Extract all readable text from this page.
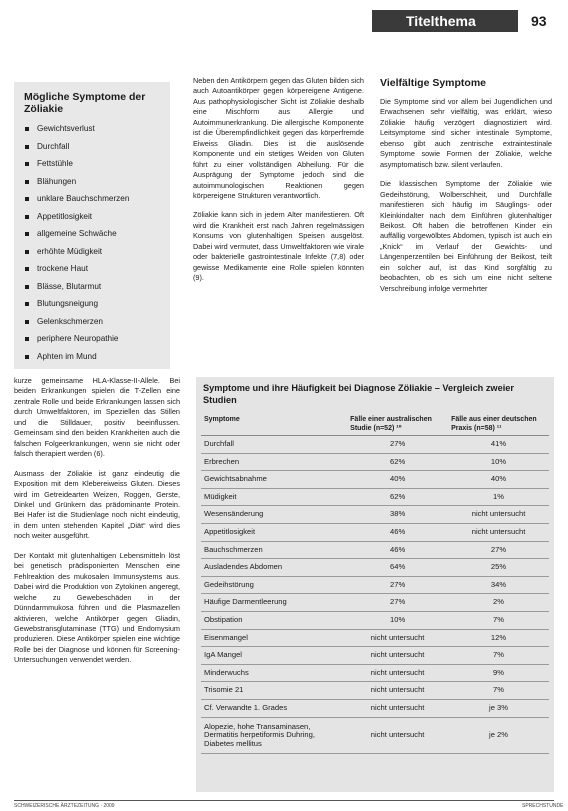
Titelthema	93
Mögliche Symptome der Zöliakie
Gewichtsverlust
Durchfall
Fettstühle
Blähungen
unklare Bauchschmerzen
Appetitlosigkeit
allgemeine Schwäche
erhöhte Müdigkeit
trockene Haut
Blässe, Blutarmut
Blutungsneigung
Gelenkschmerzen
periphere Neuropathie
Aphten im Mund

Neben den Antikörpern gegen das Gluten bilden sich auch Autoantikörper gegen körpereigene Antigene. Aus pathophysiologischer Sicht ist Zöliakie deshalb eine Mischform aus Allergie und Autoimmunerkrankung. Die allergische Komponente ist die Überempfindlichkeit gegen das körperfremde Eiweiss Gliadin. Dies ist die auslösende Komponente und ein stetiges Weiden von Gluten führt zu einer vollständigen Abheilung. Für die Ausprägung der Symptome jedoch sind die autoimmunologischen Reaktionen gegen körpereigene Strukturen verantwortlich.

Zöliakie kann sich in jedem Alter manifestieren. Oft wird die Krankheit erst nach Jahren regelmässigen Konsums von glutenhaltigen Speisen ausgelöst. Dabei wird vermutet, dass Umweltfaktoren wie virale oder bakterielle gastrointestinale Infekte (7,8) oder gewisse Medikamente eine Rolle spielen könnten (9).

kurze gemeinsame HLA-Klasse-II-Allele. Bei beiden Erkrankungen spielen die T-Zellen eine zentrale Rolle und beide Erkrankungen lassen sich durch Umweltfaktoren, im Speziellen das Stillen und die Stilldauer, positiv beeinflussen. Gemeinsam sind den beiden Krankheiten auch die falschen Folgeerkrankungen, wenn sie nicht oder falsch therapiert werden (6).

Ausmass der Zöliakie ist ganz eindeutig die Exposition mit dem Klebereiweiss Gluten. Dieses wird im Getreidearten Weizen, Roggen, Gerste, Dinkel und Grünkern das prädominante Protein. Bei Hafer ist die Studienlage noch nicht eindeutig, in dem unten stehenden Kapitel „Diät“ wird dies noch weiter ausgeführt.

Der Kontakt mit glutenhaltigen Lebensmitteln löst bei genetisch prädisponierten Menschen eine Fehlreaktion des mukosalen Immunsystems aus. Dabei wird die Produktion von Zytokinen angeregt, welche zu Gewebeschäden in der Dünndarmmukosa führen und die Plasmazellen aktivieren, welche Antikörper gegen Gliadin, Gewebstransglutaminase (TTG) und Endomysium produzieren. Diese Antikörper spielen eine wichtige Rolle bei der Diagnose und können für Screening-Untersuchungen verwendet werden.

Vielfältige Symptome

Die Symptome sind vor allem bei Jugendlichen und Erwachsenen sehr vielfältig, was erklärt, wieso Zöliakie häufig verzögert diagnostiziert wird. Leitsymptome sind sicher intestinale Symptome, ebenso gibt auch zentrische extraintestinale Symptome sowie Formen der Zöliakie, welche asymptomatisch bzw. silent verlaufen.

Die klassischen Symptome der Zöliakie wie Gedeihstörung, Wolberschheit, und Durchfälle manifestieren sich häufig im Säuglings- oder Kleinkindalter nach dem Einführen glutenhaltiger Beikost. Oft haben die betroffenen Kinder ein auffällig vorgewölbtes Abdomen, typisch ist auch ein „Knick“ im Verlauf der Gewichts- und Längenperzentilen bei Einführung der Beikost, teilt ein solcher auf, ist das Kind sorgfältig zu beobachten, ob es sich um eine nicht seltene Verschreibung infolge vermehrter

Symptome und ihre Häufigkeit bei Diagnose Zöliakie – Vergleich zweier Studien
Symptome	Fälle einer australischen Studie (n=52) ¹⁰	Fälle aus einer deutschen Praxis (n=58) ¹¹
Durchfall	27%	41%
Erbrechen	62%	10%
Gewichtsabnahme	40%	40%
Müdigkeit	62%	1%
Wesensänderung	38%	nicht untersucht
Appetitlosigkeit	46%	nicht untersucht
Bauchschmerzen	46%	27%
Ausladendes Abdomen	64%	25%
Gedeihstörung	27%	34%
Häufige Darmentleerung	27%	2%
Obstipation	10%	7%
Eisenmangel	nicht untersucht	12%
IgA Mangel	nicht untersucht	7%
Minderwuchs	nicht untersucht	9%
Trisomie 21	nicht untersucht	7%
Cf. Verwandte 1. Grades	nicht untersucht	je 3%
Alopezie, hohe Transaminasen, Dermatitis herpetiformis Duhring, Diabetes mellitus	nicht untersucht	je 2%
SCHWEIZERISCHE ÄRZTEZEITUNG · 2009	SPRECHSTUNDE
